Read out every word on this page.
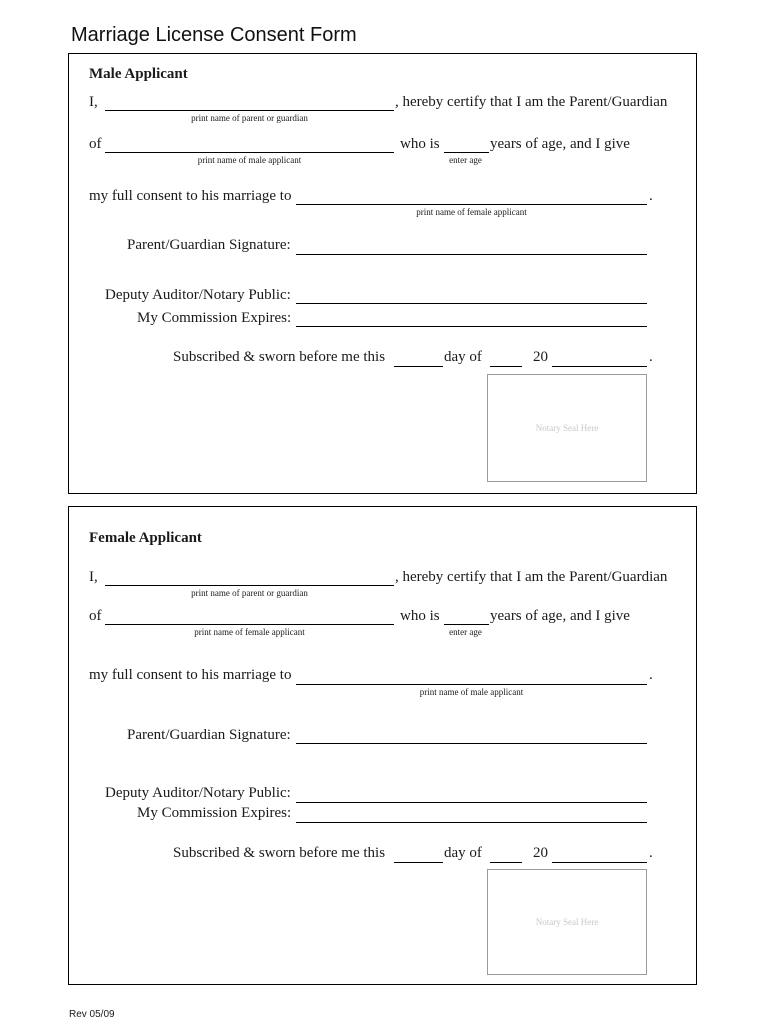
Marriage License Consent Form
Male Applicant
I,	, hereby certify that I am the Parent/Guardian
print name of parent or guardian
of	who is	years of age, and I give
print name of male applicant	enter age
my full consent to his marriage to	.
print name of female applicant
Parent/Guardian Signature:
Deputy Auditor/Notary Public:
My Commission Expires:
Subscribed & sworn before me this	day of	20	.
Notary Seal Here
Female Applicant
I,	, hereby certify that I am the Parent/Guardian
print name of parent or guardian
of	who is	years of age, and I give
print name of female applicant	enter age
my full consent to his marriage to	.
print name of male applicant
Parent/Guardian Signature:
Deputy Auditor/Notary Public:
My Commission Expires:
Subscribed & sworn before me this	day of	20	.
Notary Seal Here
Rev 05/09
